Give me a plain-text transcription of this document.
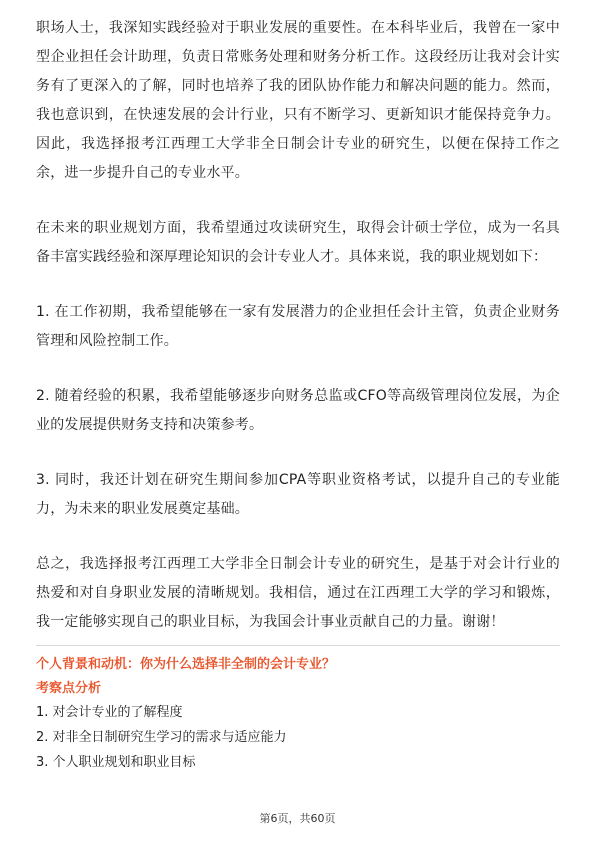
职场人士，我深知实践经验对于职业发展的重要性。在本科毕业后，我曾在一家中型企业担任会计助理，负责日常账务处理和财务分析工作。这段经历让我对会计实务有了更深入的了解，同时也培养了我的团队协作能力和解决问题的能力。然而，我也意识到，在快速发展的会计行业，只有不断学习、更新知识才能保持竞争力。因此，我选择报考江西理工大学非全日制会计专业的研究生，以便在保持工作之余，进一步提升自己的专业水平。

在未来的职业规划方面，我希望通过攻读研究生，取得会计硕士学位，成为一名具备丰富实践经验和深厚理论知识的会计专业人才。具体来说，我的职业规划如下：

1. 在工作初期，我希望能够在一家有发展潜力的企业担任会计主管，负责企业财务管理和风险控制工作。

2. 随着经验的积累，我希望能够逐步向财务总监或CFO等高级管理岗位发展，为企业的发展提供财务支持和决策参考。

3. 同时，我还计划在研究生期间参加CPA等职业资格考试，以提升自己的专业能力，为未来的职业发展奠定基础。

总之，我选择报考江西理工大学非全日制会计专业的研究生，是基于对会计行业的热爱和对自身职业发展的清晰规划。我相信，通过在江西理工大学的学习和锻炼，我一定能够实现自己的职业目标，为我国会计事业贡献自己的力量。谢谢！

个人背景和动机：你为什么选择非全制的会计专业？

考察点分析

1. 对会计专业的了解程度

2. 对非全日制研究生学习的需求与适应能力

3. 个人职业规划和职业目标

第6页，共60页
